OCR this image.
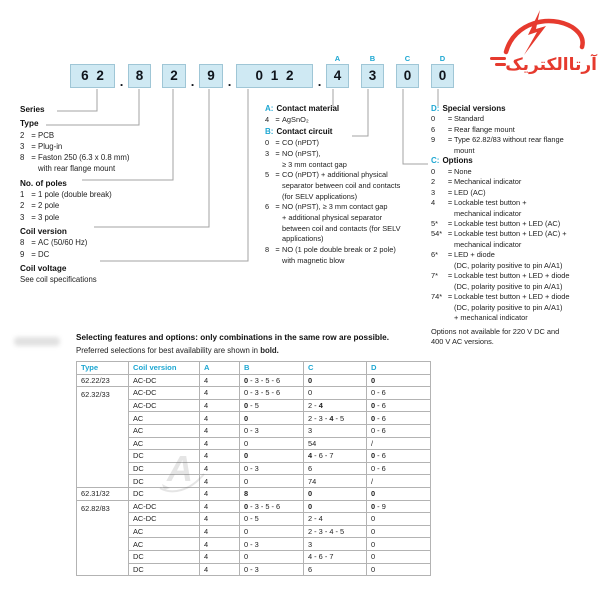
آرتاالکتریک
6 2	. 8	2 . 9 .	0 1 2	.
A
4
B
3
C
0
D
0
Series
Type
2 = PCB
3 = Plug-in
8 = Faston 250 (6.3 x 0.8 mm)
with rear flange mount
No. of poles
1 = 1 pole (double break)
2 = 2 pole
3 = 3 pole
Coil version
8 = AC (50/60 Hz)
9 = DC
Coil voltage
See coil specifications
A: Contact material
4 = AgSnO₂
B: Contact circuit
0 = CO (nPDT)
3 = NO (nPST),
≥ 3 mm contact gap
5 = CO (nPDT) + additional physical
separator between coil and contacts
(for SELV applications)
6 = NO (nPST), ≥ 3 mm contact gap
+ additional physical separator
between coil and contacts (for SELV
applications)
8 = NO (1 pole double break or 2 pole)
with magnetic blow
D: Special versions
0	= Standard
6	= Rear flange mount
9	= Type 62.82/83 without rear flange
mount
C: Options
0	= None
2	= Mechanical indicator
3	= LED (AC)
4	= Lockable test button +
mechanical indicator
5*	= Lockable test button + LED (AC)
54* = Lockable test button + LED (AC) +
mechanical indicator
6*	= LED + diode
(DC, polarity positive to pin A/A1)
7*	= Lockable test button + LED + diode
(DC, polarity positive to pin A/A1)
74* = Lockable test button + LED + diode
(DC, polarity positive to pin A/A1)
+ mechanical indicator
Options not available for 220 V DC and
400 V AC versions.
Selecting features and options: only combinations in the same row are possible.
Preferred selections for best availability are shown in bold.
Type	Coil version	A	B	C	D
62.22/23	AC-DC	4	0 - 3 - 5 - 6	0	0
62.32/33	AC-DC	4	0 - 3 - 5 - 6	0	0 - 6
	AC-DC	4	0 - 5	2 - 4	0 - 6
	AC	4	0	2 - 3 - 4 - 5	0 - 6
	AC	4	0 - 3	3	0 - 6
	AC	4	0	54	/
	DC	4	0	4 - 6 - 7	0 - 6
	DC	4	0 - 3	6	0 - 6
	DC	4	0	74	/
62.31/32	DC	4	8	0	0
62.82/83	AC-DC	4	0 - 3 - 5 - 6	0	0 - 9
	AC-DC	4	0 - 5	2 - 4	0
	AC	4	0	2 - 3 - 4 - 5	0
	AC	4	0 - 3	3	0
	DC	4	0	4 - 6 - 7	0
	DC	4	0 - 3	6	0
A
